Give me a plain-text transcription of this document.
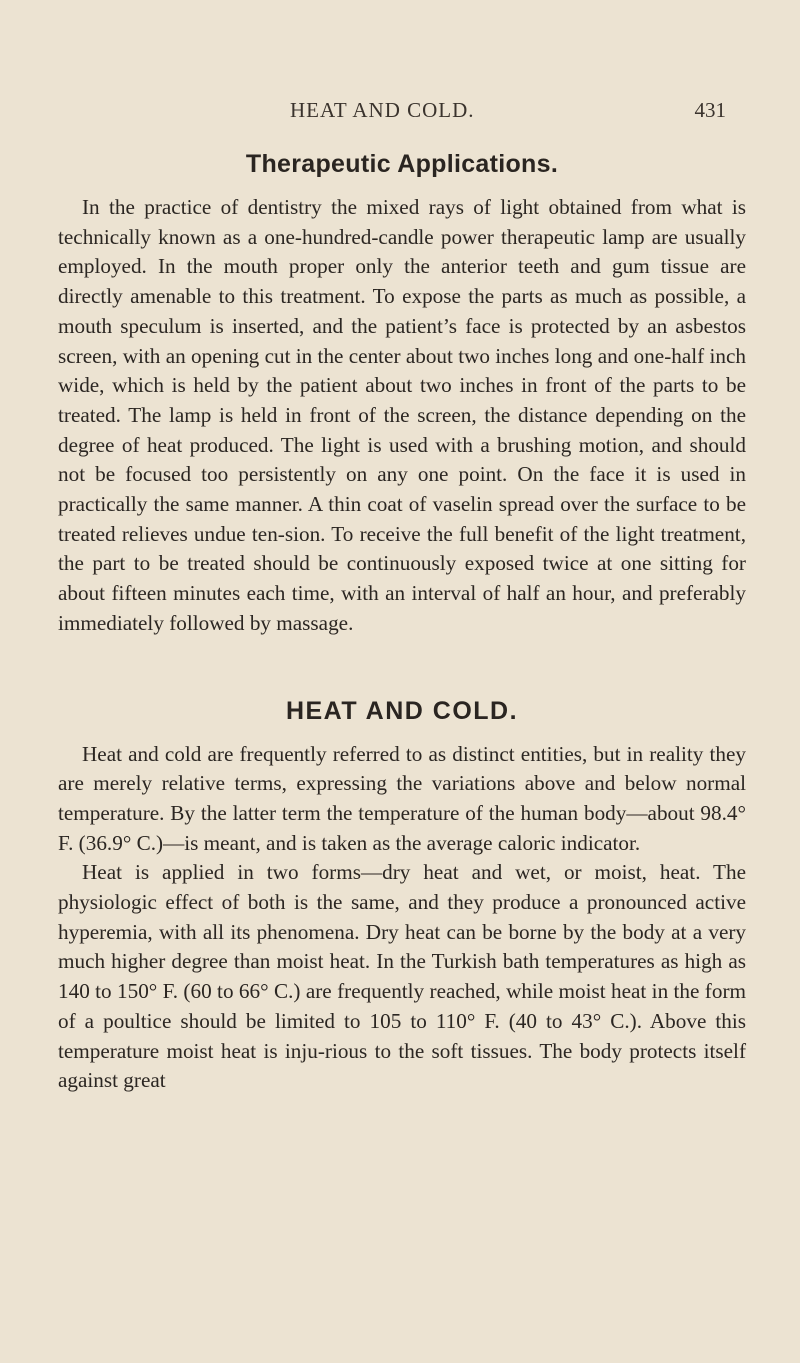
HEAT AND COLD.	431
Therapeutic Applications.

In the practice of dentistry the mixed rays of light obtained from what is technically known as a one-hundred-candle power therapeutic lamp are usually employed. In the mouth proper only the anterior teeth and gum tissue are directly amenable to this treatment. To expose the parts as much as possible, a mouth speculum is inserted, and the patient’s face is protected by an asbestos screen, with an opening cut in the center about two inches long and one-half inch wide, which is held by the patient about two inches in front of the parts to be treated. The lamp is held in front of the screen, the distance depending on the degree of heat produced. The light is used with a brushing motion, and should not be focused too persistently on any one point. On the face it is used in practically the same manner. A thin coat of vaselin spread over the surface to be treated relieves undue ten-sion. To receive the full benefit of the light treatment, the part to be treated should be continuously exposed twice at one sitting for about fifteen minutes each time, with an interval of half an hour, and preferably immediately followed by massage.

HEAT AND COLD.

Heat and cold are frequently referred to as distinct entities, but in reality they are merely relative terms, expressing the variations above and below normal temperature. By the latter term the temperature of the human body—about 98.4° F. (36.9° C.)—is meant, and is taken as the average caloric indicator.

Heat is applied in two forms—dry heat and wet, or moist, heat. The physiologic effect of both is the same, and they produce a pronounced active hyperemia, with all its phenomena. Dry heat can be borne by the body at a very much higher degree than moist heat. In the Turkish bath temperatures as high as 140 to 150° F. (60 to 66° C.) are frequently reached, while moist heat in the form of a poultice should be limited to 105 to 110° F. (40 to 43° C.). Above this temperature moist heat is inju-rious to the soft tissues. The body protects itself against great
